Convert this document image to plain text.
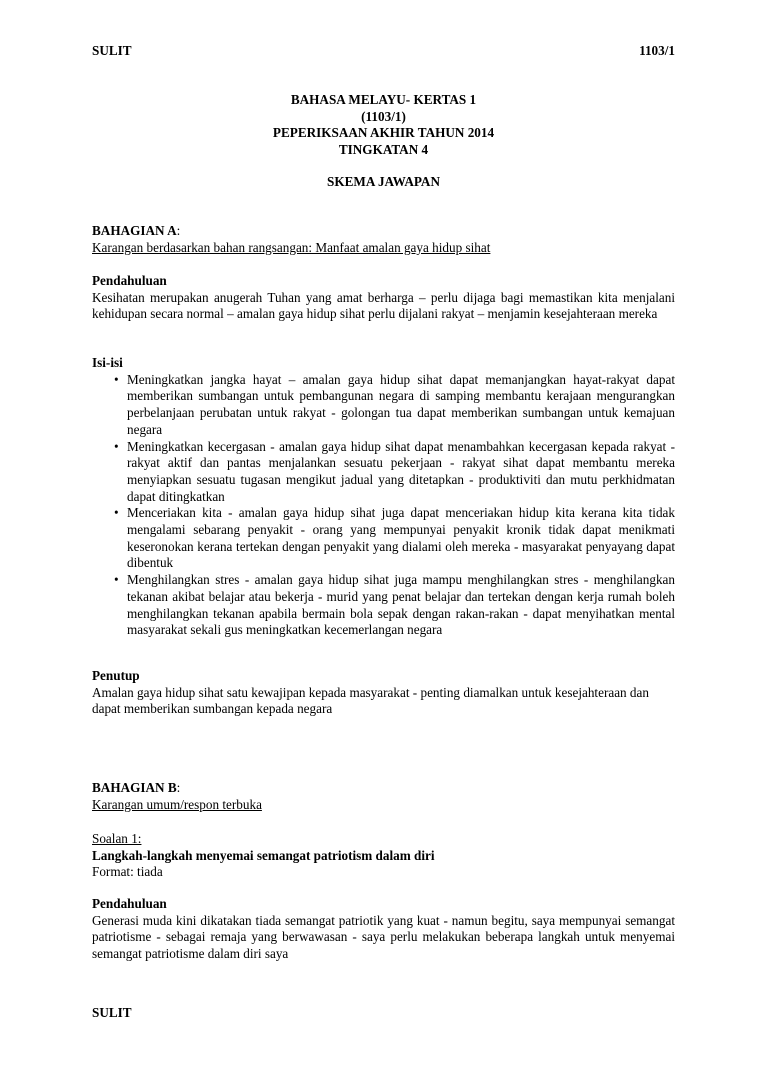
SULIT	1103/1
BAHASA MELAYU- KERTAS 1
(1103/1)
PEPERIKSAAN AKHIR TAHUN 2014
TINGKATAN 4
SKEMA JAWAPAN
BAHAGIAN A:
Karangan berdasarkan bahan rangsangan: Manfaat amalan gaya hidup sihat
Pendahuluan
Kesihatan merupakan anugerah Tuhan yang amat berharga – perlu dijaga bagi memastikan kita menjalani kehidupan secara normal – amalan gaya hidup sihat perlu dijalani rakyat – menjamin kesejahteraan mereka
Isi-isi
• Meningkatkan jangka hayat – amalan gaya hidup sihat dapat memanjangkan hayat-rakyat dapat memberikan sumbangan untuk pembangunan negara di samping membantu kerajaan mengurangkan perbelanjaan perubatan untuk rakyat - golongan tua dapat memberikan sumbangan untuk kemajuan negara
• Meningkatkan kecergasan - amalan gaya hidup sihat dapat menambahkan kecergasan kepada rakyat - rakyat aktif dan pantas menjalankan sesuatu pekerjaan - rakyat sihat dapat membantu mereka menyiapkan sesuatu tugasan mengikut jadual yang ditetapkan - produktiviti dan mutu perkhidmatan dapat ditingkatkan
• Menceriakan kita - amalan gaya hidup sihat juga dapat menceriakan hidup kita kerana kita tidak mengalami sebarang penyakit - orang yang mempunyai penyakit kronik tidak dapat menikmati keseronokan kerana tertekan dengan penyakit yang dialami oleh mereka - masyarakat penyayang dapat dibentuk
• Menghilangkan stres - amalan gaya hidup sihat juga mampu menghilangkan stres - menghilangkan tekanan akibat belajar atau bekerja - murid yang penat belajar dan tertekan dengan kerja rumah boleh menghilangkan tekanan apabila bermain bola sepak dengan rakan-rakan - dapat menyihatkan mental masyarakat sekali gus meningkatkan kecemerlangan negara
Penutup
Amalan gaya hidup sihat satu kewajipan kepada masyarakat - penting diamalkan untuk kesejahteraan dan dapat memberikan sumbangan kepada negara
BAHAGIAN B:
Karangan umum/respon terbuka
Soalan 1:
Langkah-langkah menyemai semangat patriotism dalam diri
Format: tiada
Pendahuluan
Generasi muda kini dikatakan tiada semangat patriotik yang kuat - namun begitu, saya mempunyai semangat patriotisme - sebagai remaja yang berwawasan - saya perlu melakukan beberapa langkah untuk menyemai semangat patriotisme dalam diri saya
SULIT
